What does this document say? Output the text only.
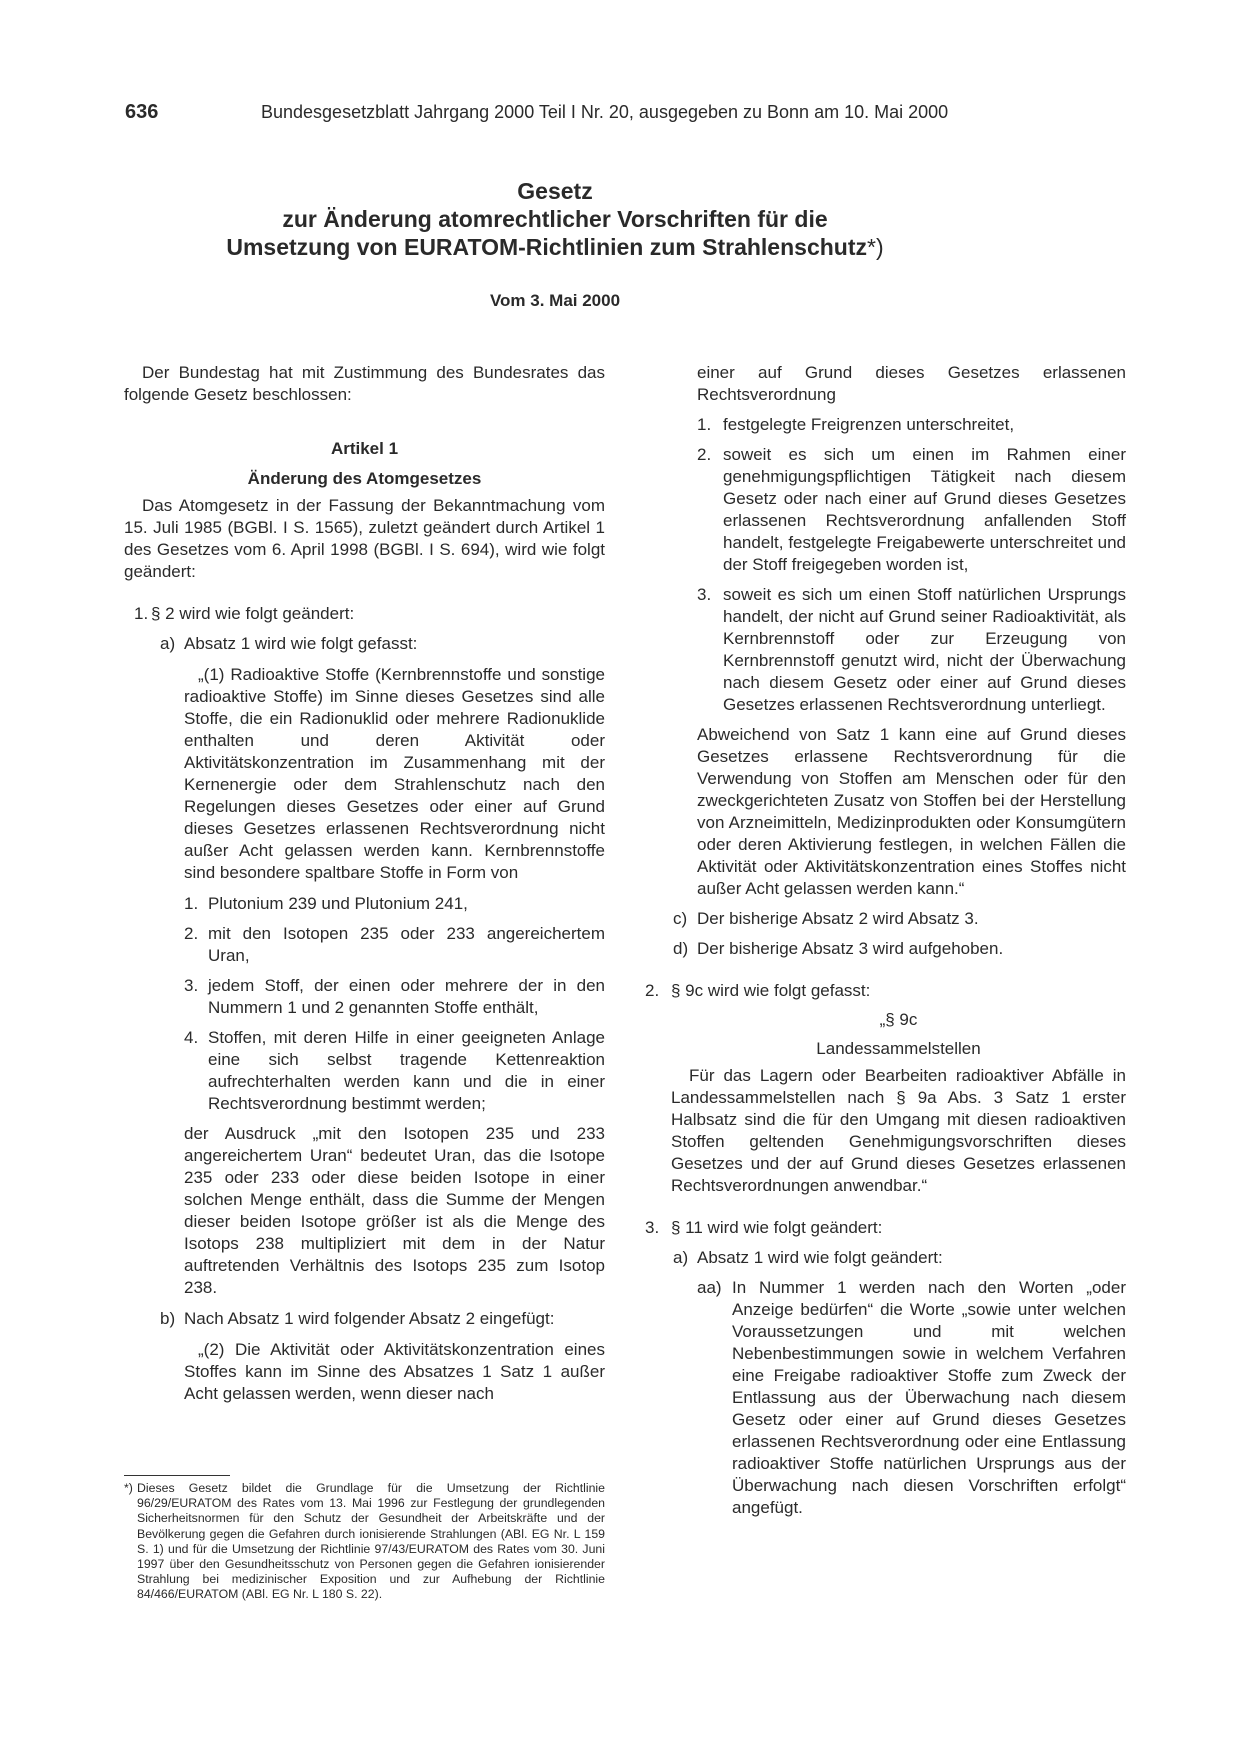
636	Bundesgesetzblatt Jahrgang 2000 Teil I Nr. 20, ausgegeben zu Bonn am 10. Mai 2000
Gesetz
zur Änderung atomrechtlicher Vorschriften für die
Umsetzung von EURATOM-Richtlinien zum Strahlenschutz*)
Vom 3. Mai 2000

Der Bundestag hat mit Zustimmung des Bundesrates das folgende Gesetz beschlossen:

Artikel 1

Änderung des Atomgesetzes

Das Atomgesetz in der Fassung der Bekanntmachung vom 15. Juli 1985 (BGBl. I S. 1565), zuletzt geändert durch Artikel 1 des Gesetzes vom 6. April 1998 (BGBl. I S. 694), wird wie folgt geändert:

1. § 2 wird wie folgt geändert:
a) Absatz 1 wird wie folgt gefasst:

„(1) Radioaktive Stoffe (Kernbrennstoffe und sonstige radioaktive Stoffe) im Sinne dieses Gesetzes sind alle Stoffe, die ein Radionuklid oder mehrere Radionuklide enthalten und deren Aktivität oder Aktivitätskonzentration im Zusammenhang mit der Kernenergie oder dem Strahlenschutz nach den Regelungen dieses Gesetzes oder einer auf Grund dieses Gesetzes erlassenen Rechtsverordnung nicht außer Acht gelassen werden kann. Kernbrennstoffe sind besondere spaltbare Stoffe in Form von

1. Plutonium 239 und Plutonium 241,
2. mit den Isotopen 235 oder 233 angereichertem Uran,
3. jedem Stoff, der einen oder mehrere der in den Nummern 1 und 2 genannten Stoffe enthält,
4. Stoffen, mit deren Hilfe in einer geeigneten Anlage eine sich selbst tragende Kettenreaktion aufrechterhalten werden kann und die in einer Rechtsverordnung bestimmt werden;

der Ausdruck „mit den Isotopen 235 und 233 angereichertem Uran“ bedeutet Uran, das die Isotope 235 oder 233 oder diese beiden Isotope in einer solchen Menge enthält, dass die Summe der Mengen dieser beiden Isotope größer ist als die Menge des Isotops 238 multipliziert mit dem in der Natur auftretenden Verhältnis des Isotops 235 zum Isotop 238.

b) Nach Absatz 1 wird folgender Absatz 2 eingefügt:

„(2) Die Aktivität oder Aktivitätskonzentration eines Stoffes kann im Sinne des Absatzes 1 Satz 1 außer Acht gelassen werden, wenn dieser nach

einer auf Grund dieses Gesetzes erlassenen Rechtsverordnung

1. festgelegte Freigrenzen unterschreitet,
2. soweit es sich um einen im Rahmen einer genehmigungspflichtigen Tätigkeit nach diesem Gesetz oder nach einer auf Grund dieses Gesetzes erlassenen Rechtsverordnung anfallenden Stoff handelt, festgelegte Freigabewerte unterschreitet und der Stoff freigegeben worden ist,
3. soweit es sich um einen Stoff natürlichen Ursprungs handelt, der nicht auf Grund seiner Radioaktivität, als Kernbrennstoff oder zur Erzeugung von Kernbrennstoff genutzt wird, nicht der Überwachung nach diesem Gesetz oder einer auf Grund dieses Gesetzes erlassenen Rechtsverordnung unterliegt.

Abweichend von Satz 1 kann eine auf Grund dieses Gesetzes erlassene Rechtsverordnung für die Verwendung von Stoffen am Menschen oder für den zweckgerichteten Zusatz von Stoffen bei der Herstellung von Arzneimitteln, Medizinprodukten oder Konsumgütern oder deren Aktivierung festlegen, in welchen Fällen die Aktivität oder Aktivitätskonzentration eines Stoffes nicht außer Acht gelassen werden kann.“

c) Der bisherige Absatz 2 wird Absatz 3.
d) Der bisherige Absatz 3 wird aufgehoben.
2. § 9c wird wie folgt gefasst:

„§ 9c

Landessammelstellen

Für das Lagern oder Bearbeiten radioaktiver Abfälle in Landessammelstellen nach § 9a Abs. 3 Satz 1 erster Halbsatz sind die für den Umgang mit diesen radioaktiven Stoffen geltenden Genehmigungsvorschriften dieses Gesetzes und der auf Grund dieses Gesetzes erlassenen Rechtsverordnungen anwendbar.“

3. § 11 wird wie folgt geändert:
a) Absatz 1 wird wie folgt geändert:
aa) In Nummer 1 werden nach den Worten „oder Anzeige bedürfen“ die Worte „sowie unter welchen Voraussetzungen und mit welchen Nebenbestimmungen sowie in welchem Verfahren eine Freigabe radioaktiver Stoffe zum Zweck der Entlassung aus der Überwachung nach diesem Gesetz oder einer auf Grund dieses Gesetzes erlassenen Rechtsverordnung oder eine Entlassung radioaktiver Stoffe natürlichen Ursprungs aus der Überwachung nach diesen Vorschriften erfolgt“ angefügt.
*) Dieses Gesetz bildet die Grundlage für die Umsetzung der Richtlinie 96/29/EURATOM des Rates vom 13. Mai 1996 zur Festlegung der grundlegenden Sicherheitsnormen für den Schutz der Gesundheit der Arbeitskräfte und der Bevölkerung gegen die Gefahren durch ionisierende Strahlungen (ABl. EG Nr. L 159 S. 1) und für die Umsetzung der Richtlinie 97/43/EURATOM des Rates vom 30. Juni 1997 über den Gesundheitsschutz von Personen gegen die Gefahren ionisierender Strahlung bei medizinischer Exposition und zur Aufhebung der Richtlinie 84/466/EURATOM (ABl. EG Nr. L 180 S. 22).
